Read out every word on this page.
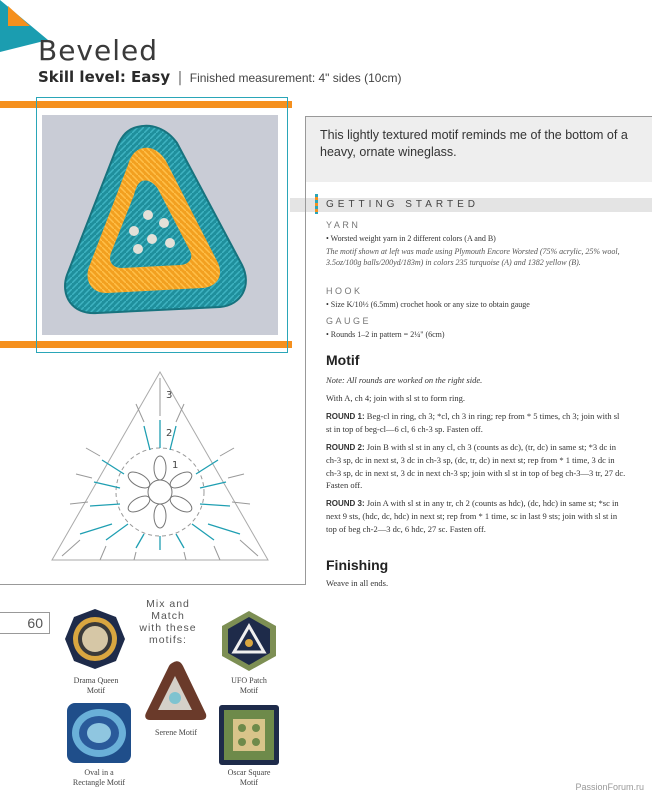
Beveled
Skill level: Easy | Finished measurement: 4" sides (10cm)

This lightly textured motif reminds me of the bottom of a heavy, ornate wineglass.

GETTING STARTED
YARN
• Worsted weight yarn in 2 different colors (A and B)
The motif shown at left was made using Plymouth Encore Worsted (75% acrylic, 25% wool, 3.5oz/100g balls/200yd/183m) in colors 235 turquoise (A) and 1382 yellow (B).
HOOK
• Size K/10½ (6.5mm) crochet hook or any size to obtain gauge
GAUGE
• Rounds 1–2 in pattern = 2¼" (6cm)
Motif
Note: All rounds are worked on the right side.
With A, ch 4; join with sl st to form ring.
ROUND 1: Beg-cl in ring, ch 3; *cl, ch 3 in ring; rep from * 5 times, ch 3; join with sl st in top of beg-cl—6 cl, 6 ch-3 sp. Fasten off.
ROUND 2: Join B with sl st in any cl, ch 3 (counts as dc), (tr, dc) in same st; *3 dc in ch-3 sp, dc in next st, 3 dc in ch-3 sp, (dc, tr, dc) in next st; rep from * 1 time, 3 dc in ch-3 sp, dc in next st, 3 dc in next ch-3 sp; join with sl st in top of beg ch-3—3 tr, 27 dc. Fasten off.
ROUND 3: Join A with sl st in any tr, ch 2 (counts as hdc), (dc, hdc) in same st; *sc in next 9 sts, (hdc, dc, hdc) in next st; rep from * 1 time, sc in last 9 sts; join with sl st in top of beg ch-2—3 dc, 6 hdc, 27 sc. Fasten off.
Finishing
Weave in all ends.
3
2
1
60
Mix and Match
with these
motifs:
Drama Queen
Motif
UFO Patch
Motif
Serene Motif
Oval in a
Rectangle Motif
Oscar Square
Motif	PassionForum.ru
